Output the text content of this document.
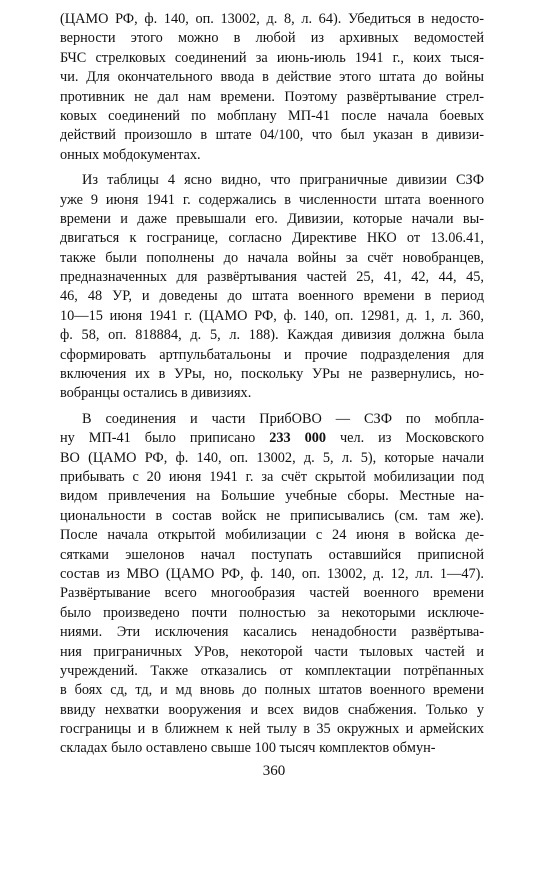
(ЦАМО РФ, ф. 140, оп. 13002, д. 8, л. 64). Убедиться в недосто-
верности этого можно в любой из архивных ведомостей
БЧС стрелковых соединений за июнь-июль 1941 г., коих тыся-
чи. Для окончательного ввода в действие этого штата до войны
противник не дал нам времени. Поэтому развёртывание стрел-
ковых соединений по мобплану МП-41 после начала боевых
действий произошло в штате 04/100, что был указан в дивизи-
онных мобдокументах.
Из таблицы 4 ясно видно, что приграничные дивизии СЗФ
уже 9 июня 1941 г. содержались в численности штата военного
времени и даже превышали его. Дивизии, которые начали вы-
двигаться к госгранице, согласно Директиве НКО от 13.06.41,
также были пополнены до начала войны за счёт новобранцев,
предназначенных для развёртывания частей 25, 41, 42, 44, 45,
46, 48 УР, и доведены до штата военного времени в период
10—15 июня 1941 г. (ЦАМО РФ, ф. 140, оп. 12981, д. 1, л. 360,
ф. 58, оп. 818884, д. 5, л. 188). Каждая дивизия должна была
сформировать артпульбатальоны и прочие подразделения для
включения их в УРы, но, поскольку УРы не развернулись, но-
вобранцы остались в дивизиях.
В соединения и части ПрибОВО — СЗФ по мобпла-
ну МП-41 было приписано 233 000 чел. из Московского
ВО (ЦАМО РФ, ф. 140, оп. 13002, д. 5, л. 5), которые начали
прибывать с 20 июня 1941 г. за счёт скрытой мобилизации под
видом привлечения на Большие учебные сборы. Местные на-
циональности в состав войск не приписывались (см. там же).
После начала открытой мобилизации с 24 июня в войска де-
сятками эшелонов начал поступать оставшийся приписной
состав из МВО (ЦАМО РФ, ф. 140, оп. 13002, д. 12, лл. 1—47).
Развёртывание всего многообразия частей военного времени
было произведено почти полностью за некоторыми исключе-
ниями. Эти исключения касались ненадобности развёртыва-
ния приграничных УРов, некоторой части тыловых частей и
учреждений. Также отказались от комплектации потрёпанных
в боях сд, тд, и мд вновь до полных штатов военного времени
ввиду нехватки вооружения и всех видов снабжения. Только у
госграницы и в ближнем к ней тылу в 35 окружных и армейских
складах было оставлено свыше 100 тысяч комплектов обмун-
360
